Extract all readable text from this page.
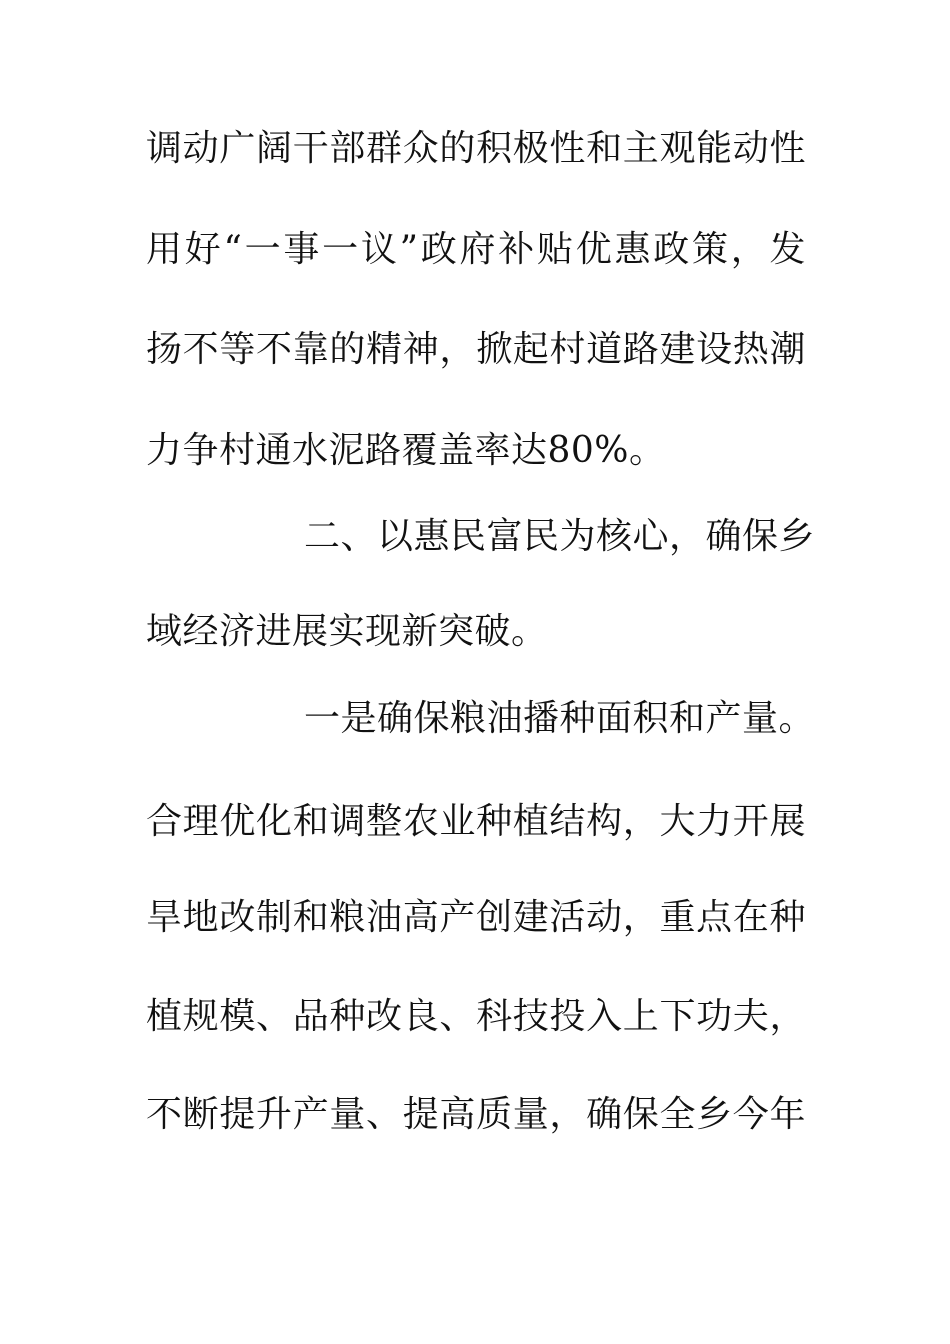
调动广阔干部群众的积极性和主观能动性
用好“一事一议”政府补贴优惠政策，发
扬不等不靠的精神，掀起村道路建设热潮
力争村通水泥路覆盖率达80%。
二、以惠民富民为核心，确保乡
域经济进展实现新突破。
一是确保粮油播种面积和产量。
合理优化和调整农业种植结构，大力开展
旱地改制和粮油高产创建活动，重点在种
植规模、品种改良、科技投入上下功夫，
不断提升产量、提高质量，确保全乡今年
